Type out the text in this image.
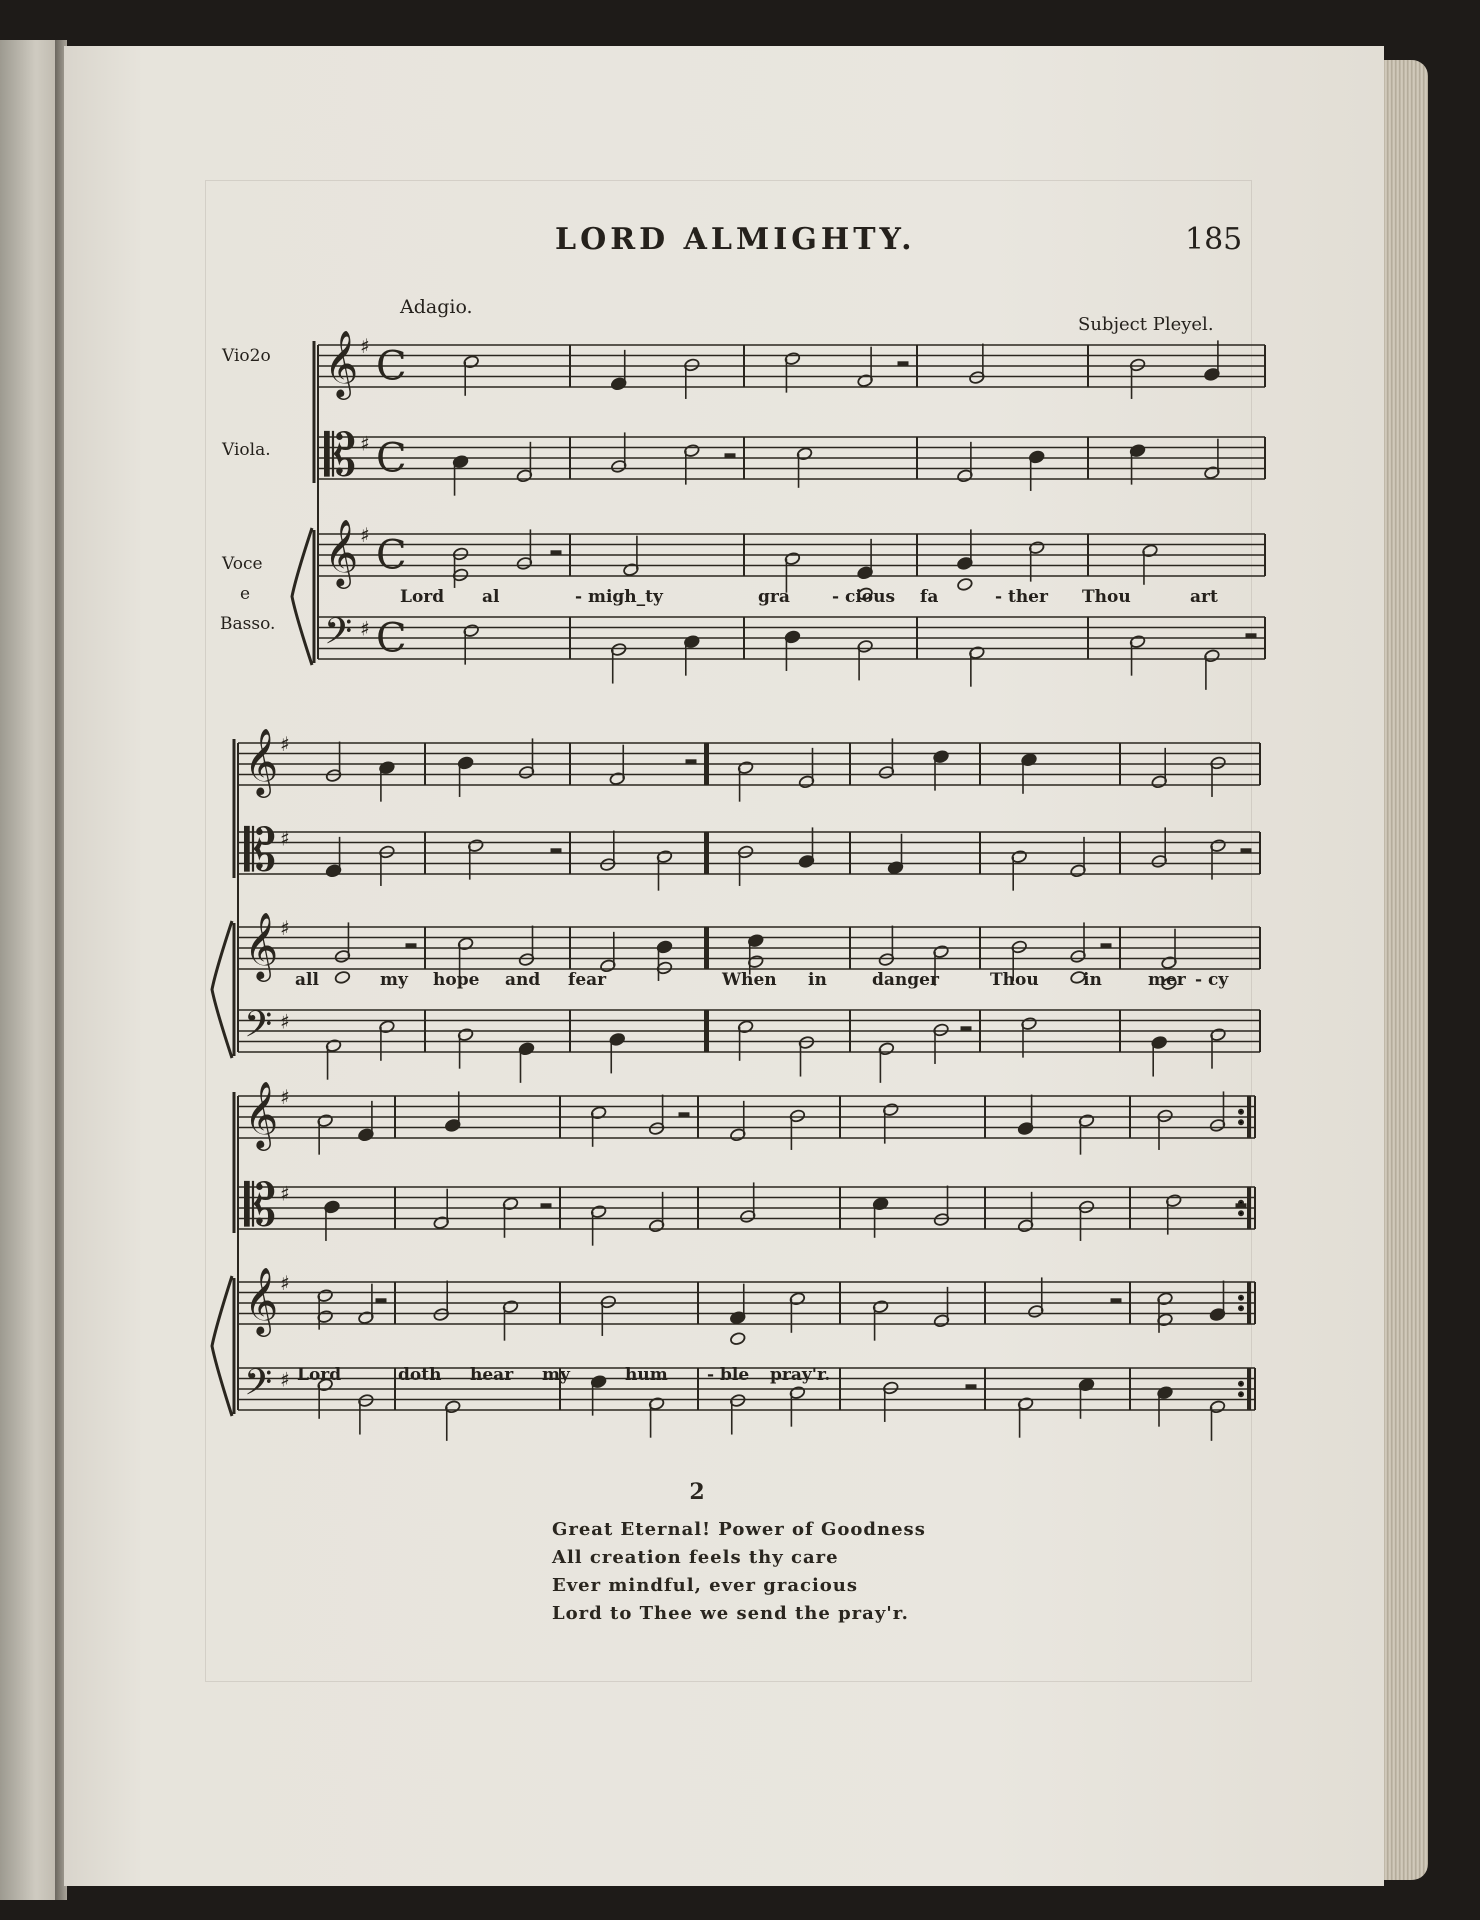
LORD ALMIGHTY.	185
Adagio.
Subject Pleyel.
Vio2o
Viola.
Voce
e
Basso.
𝄞 ♯ C
𝄡 ♯ C
𝄞 ♯ C
𝄢 ♯ C
𝄞 ♯
𝄡 ♯
𝄞 ♯
𝄢 ♯
𝄞 ♯
𝄡 ♯
𝄞 ♯
𝄢 ♯
Lord al	- migh_ty	gra - cious fa	- ther Thou	art
all	my hope and fear	When in	danger	Thou	in	mer - cy
Lord	doth hear my	hum - ble pray'r.
2
Great Eternal! Power of Goodness
All creation feels thy care
Ever mindful, ever gracious
Lord to Thee we send the pray'r.
